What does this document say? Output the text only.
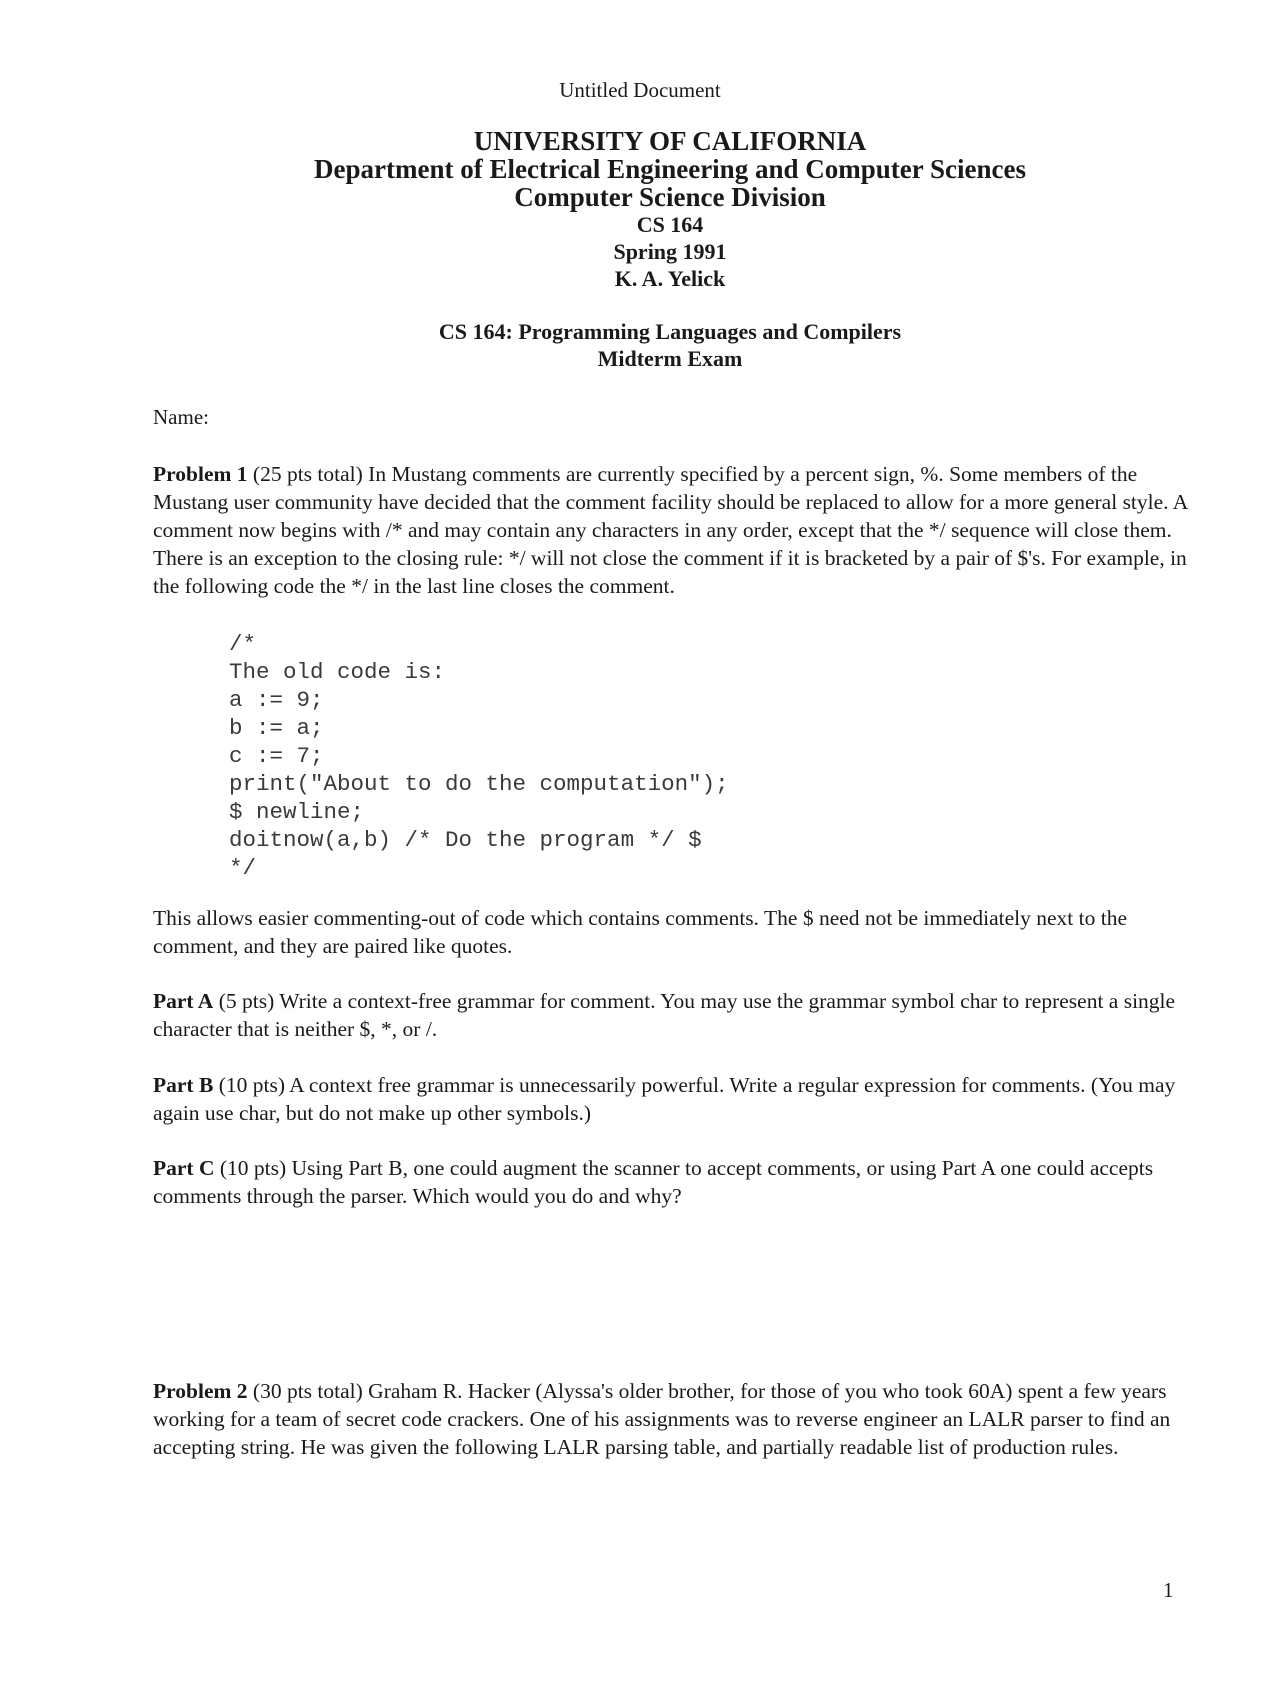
Untitled Document
UNIVERSITY OF CALIFORNIA
Department of Electrical Engineering and Computer Sciences
Computer Science Division
CS 164
Spring 1991
K. A. Yelick
CS 164: Programming Languages and Compilers
Midterm Exam
Name:

Problem 1 (25 pts total) In Mustang comments are currently specified by a percent sign, %. Some members of the Mustang user community have decided that the comment facility should be replaced to allow for a more general style. A comment now begins with /* and may contain any characters in any order, except that the */ sequence will close them. There is an exception to the closing rule: */ will not close the comment if it is bracketed by a pair of $'s. For example, in the following code the */ in the last line closes the comment.

/*
The old code is:
a := 9;
b := a;
c := 7;
print("About to do the computation");
$ newline;
doitnow(a,b) /* Do the program */ $
*/

This allows easier commenting-out of code which contains comments. The $ need not be immediately next to the comment, and they are paired like quotes.

Part A (5 pts) Write a context-free grammar for comment. You may use the grammar symbol char to represent a single character that is neither $, *, or /.

Part B (10 pts) A context free grammar is unnecessarily powerful. Write a regular expression for comments. (You may again use char, but do not make up other symbols.)

Part C (10 pts) Using Part B, one could augment the scanner to accept comments, or using Part A one could accepts comments through the parser. Which would you do and why?

Problem 2 (30 pts total) Graham R. Hacker (Alyssa's older brother, for those of you who took 60A) spent a few years working for a team of secret code crackers. One of his assignments was to reverse engineer an LALR parser to find an accepting string. He was given the following LALR parsing table, and partially readable list of production rules.

1
